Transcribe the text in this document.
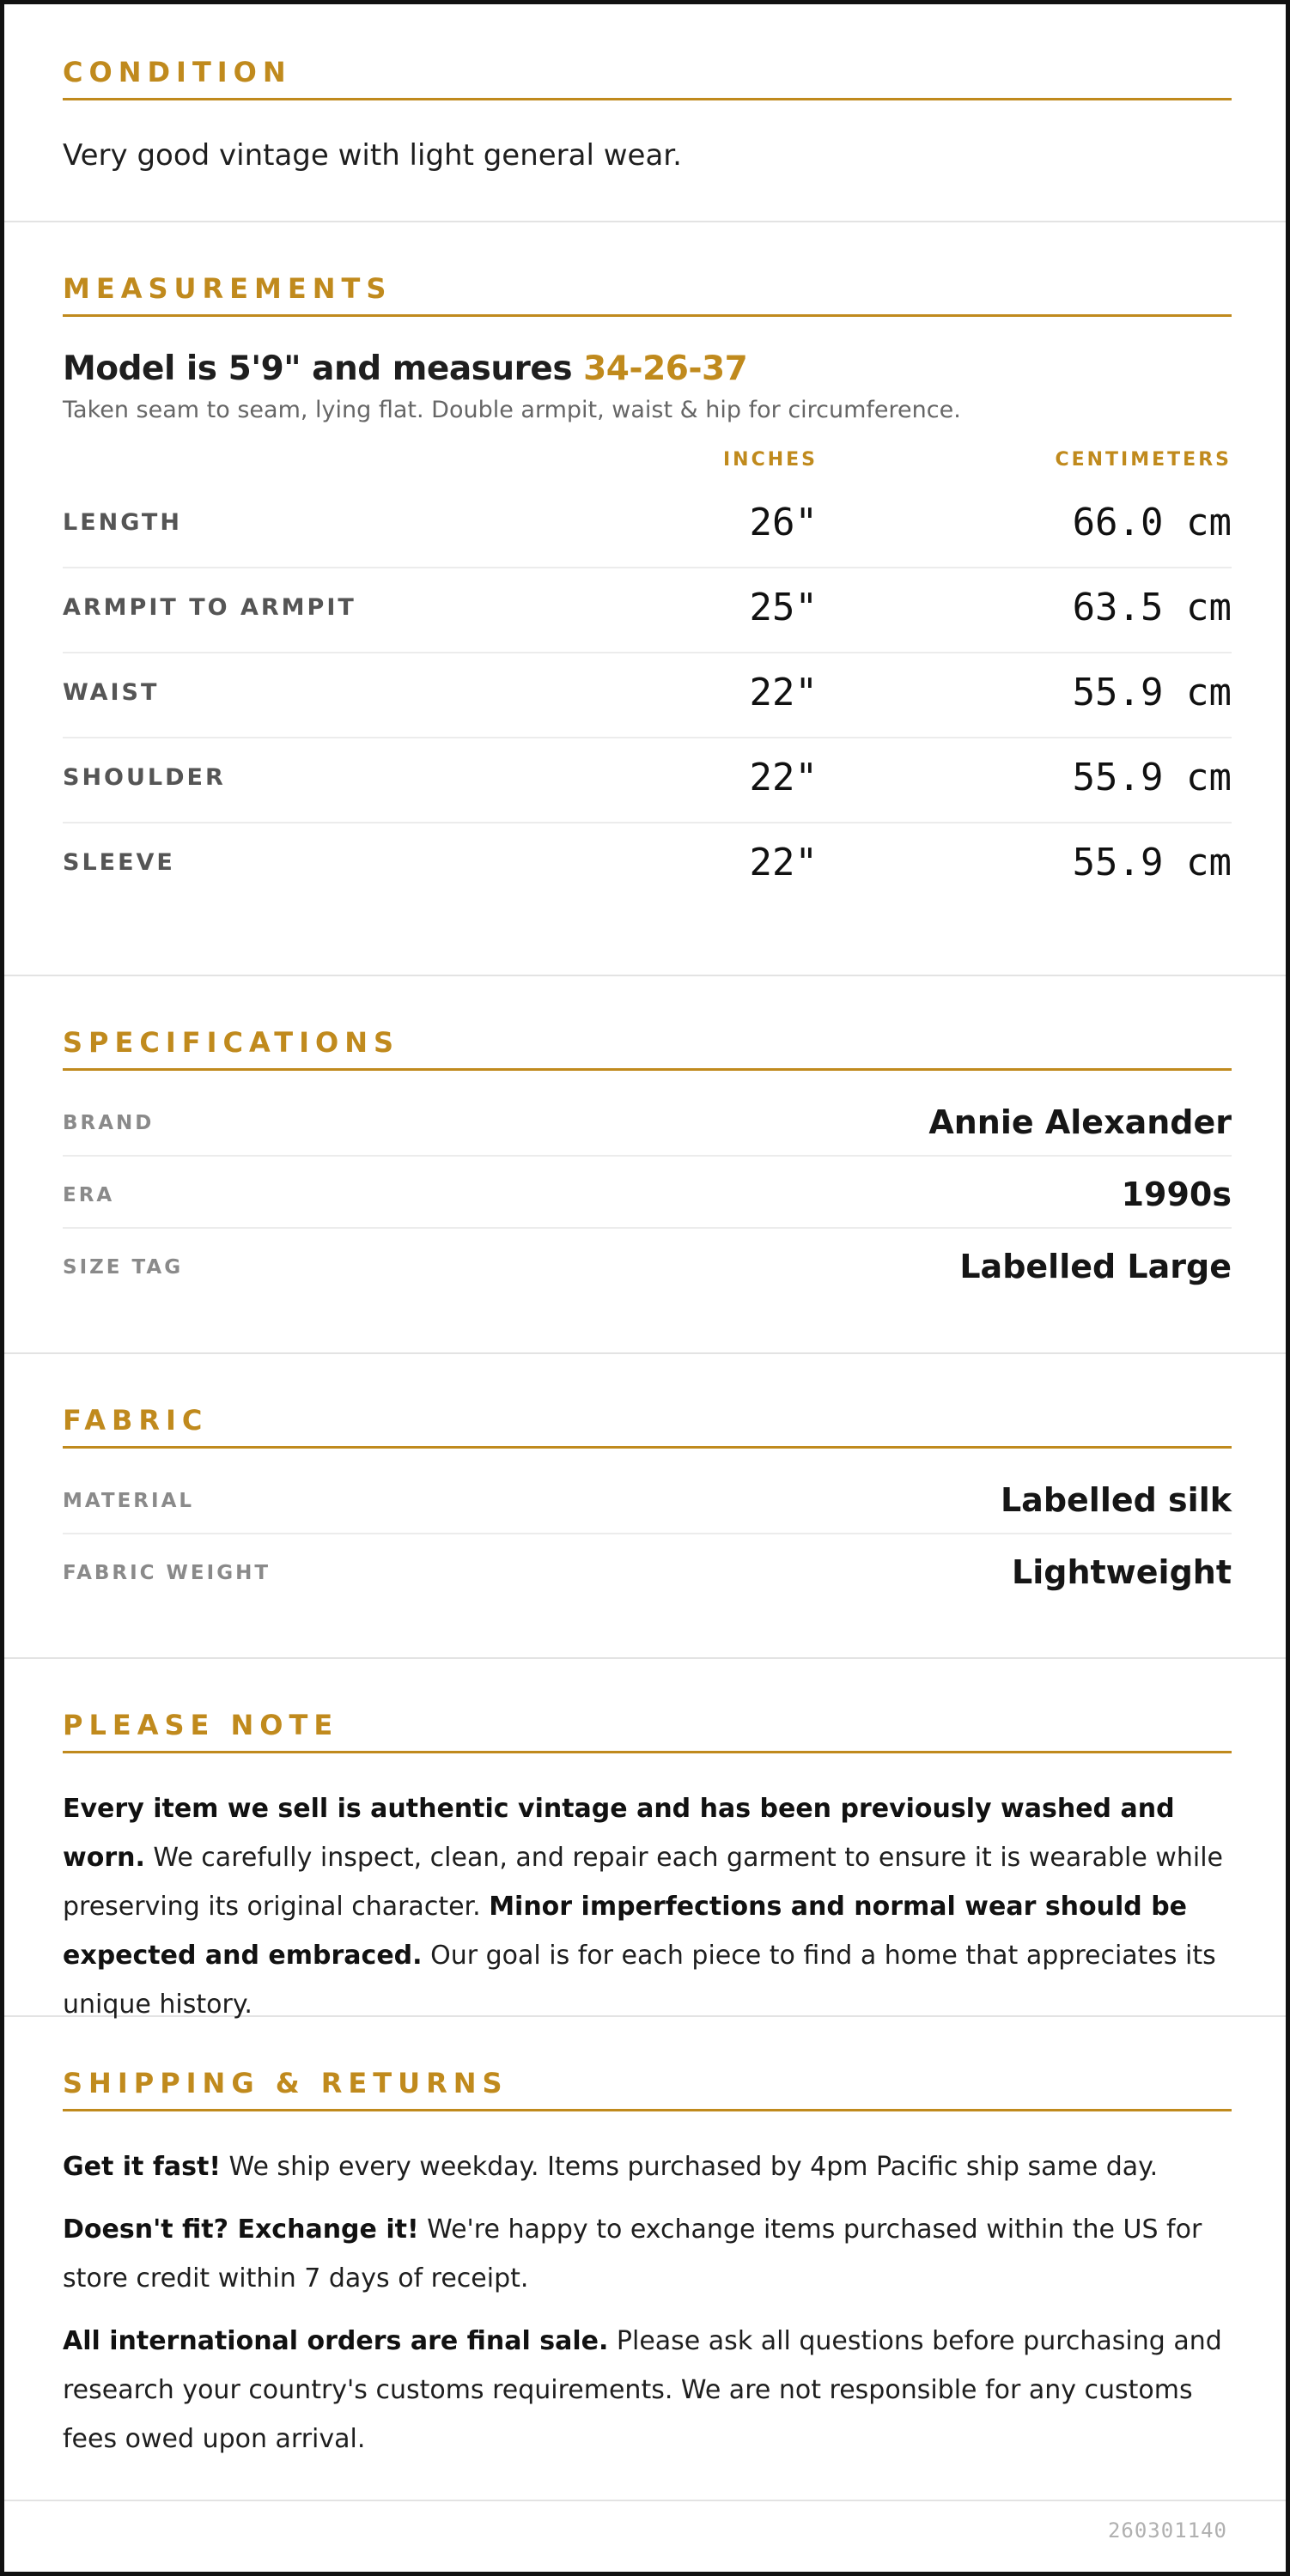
CONDITION
Very good vintage with light general wear.
MEASUREMENTS
Model is 5'9" and measures 34-26-37
Taken seam to seam, lying flat. Double armpit, waist & hip for circumference.
INCHES	CENTIMETERS
LENGTH	26"	66.0 cm
ARMPIT TO ARMPIT	25"	63.5 cm
WAIST	22"	55.9 cm
SHOULDER	22"	55.9 cm
SLEEVE	22"	55.9 cm
SPECIFICATIONS
BRAND	Annie Alexander
ERA	1990s
SIZE TAG	Labelled Large
FABRIC
MATERIAL	Labelled silk
FABRIC WEIGHT	Lightweight
PLEASE NOTE

Every item we sell is authentic vintage and has been previously washed and worn. We carefully inspect, clean, and repair each garment to ensure it is wearable while preserving its original character. Minor imperfections and normal wear should be expected and embraced. Our goal is for each piece to find a home that appreciates its unique history.

SHIPPING & RETURNS

Get it fast! We ship every weekday. Items purchased by 4pm Pacific ship same day.

Doesn't fit? Exchange it! We're happy to exchange items purchased within the US for store credit within 7 days of receipt.

All international orders are final sale. Please ask all questions before purchasing and research your country's customs requirements. We are not responsible for any customs fees owed upon arrival.

260301140
